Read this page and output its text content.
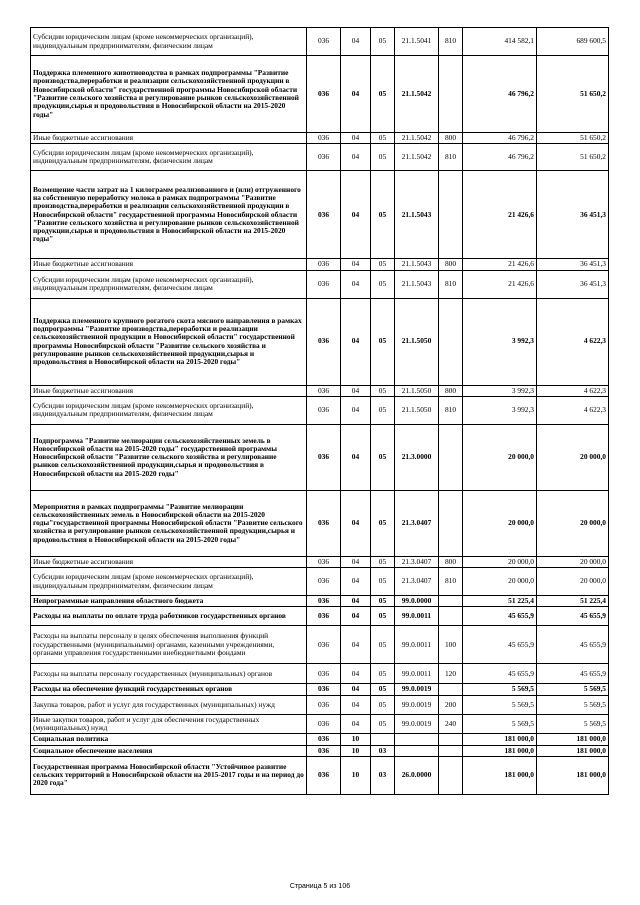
Субсидии юридическим лицам (кроме некоммерческих организаций), индивидуальным предпринимателям, физическим лицам	036	04	05	21.1.5041	810	414 582,1	689 600,5
Поддержка племенного животноводства в рамках подпрограммы "Развитие производства,переработки и реализации сельскохозяйственной продукции в Новосибирской области" государственной программы Новосибирской области "Развитие сельского хозяйства и регулирование рынков сельскохозяйственной продукции,сырья и продовольствия в Новосибирской области на 2015-2020 годы"	036	04	05	21.1.5042		46 796,2	51 650,2
Иные бюджетные ассигнования	036	04	05	21.1.5042	800	46 796,2	51 650,2
Субсидии юридическим лицам (кроме некоммерческих организаций), индивидуальным предпринимателям, физическим лицам	036	04	05	21.1.5042	810	46 796,2	51 650,2
Возмещение части затрат на 1 килограмм реализованного и (или) отгруженного на собственную переработку молока в рамках подпрограммы "Развитие производства,переработки и реализации сельскохозяйственной продукции в Новосибирской области" государственной программы Новосибирской области "Развитие сельского хозяйства и регулирование рынков сельскохозяйственной продукции,сырья и продовольствия в Новосибирской области на 2015-2020 годы"	036	04	05	21.1.5043		21 426,6	36 451,3
Иные бюджетные ассигнования	036	04	05	21.1.5043	800	21 426,6	36 451,3
Субсидии юридическим лицам (кроме некоммерческих организаций), индивидуальным предпринимателям, физическим лицам	036	04	05	21.1.5043	810	21 426,6	36 451,3
Поддержка племенного крупного рогатого скота мясного направления в рамках подпрограммы "Развитие производства,переработки и реализации сельскохозяйственной продукции в Новосибирской области" государственной программы Новосибирской области "Развитие сельского хозяйства и регулирование рынков сельскохозяйственной продукции,сырья и продовольствия в Новосибирской области на 2015-2020 годы"	036	04	05	21.1.5050		3 992,3	4 622,3
Иные бюджетные ассигнования	036	04	05	21.1.5050	800	3 992,3	4 622,3
Субсидии юридическим лицам (кроме некоммерческих организаций), индивидуальным предпринимателям, физическим лицам	036	04	05	21.1.5050	810	3 992,3	4 622,3
Подпрограмма "Развитие мелиорации сельскохозяйственных земель в Новосибирской области на 2015-2020 годы" государственной программы Новосибирской области "Развитие сельского хозяйства и регулирование рынков сельскохозяйственной продукции,сырья и продовольствия в Новосибирской области на 2015-2020 годы"	036	04	05	21.3.0000		20 000,0	20 000,0
Мероприятия в рамках подпрограммы "Развитие мелиорации сельскохозяйственных земель в Новосибирской области на 2015-2020 годы"государственной программы Новосибирской области "Развитие сельского хозяйства и регулирование рынков сельскохозяйственной продукции,сырья и продовольствия в Новосибирской области на 2015-2020 годы"	036	04	05	21.3.0407		20 000,0	20 000,0
Иные бюджетные ассигнования	036	04	05	21.3.0407	800	20 000,0	20 000,0
Субсидии юридическим лицам (кроме некоммерческих организаций), индивидуальным предпринимателям, физическим лицам	036	04	05	21.3.0407	810	20 000,0	20 000,0
Непрограммные направления областного бюджета	036	04	05	99.0.0000		51 225,4	51 225,4
Расходы на выплаты по оплате труда работников государственных органов	036	04	05	99.0.0011		45 655,9	45 655,9
Расходы на выплаты персоналу в целях обеспечения выполнения функций государственными (муниципальными) органами, казенными учреждениями, органами управления государственными внебюджетными фондами	036	04	05	99.0.0011	100	45 655,9	45 655,9
Расходы на выплаты персоналу государственных (муниципальных) органов	036	04	05	99.0.0011	120	45 655,9	45 655,9
Расходы на обеспечение функций государственных органов	036	04	05	99.0.0019		5 569,5	5 569,5
Закупка товаров, работ и услуг для государственных (муниципальных) нужд	036	04	05	99.0.0019	200	5 569,5	5 569,5
Иные закупки товаров, работ и услуг для обеспечения государственных (муниципальных) нужд	036	04	05	99.0.0019	240	5 569,5	5 569,5
Социальная политика	036	10				181 000,0	181 000,0
Социальное обеспечение населения	036	10	03			181 000,0	181 000,0
Государственная программа Новосибирской области "Устойчивое развитие сельских территорий в Новосибирской области на 2015-2017 годы и на период до 2020 года"	036	10	03	26.0.0000		181 000,0	181 000,0
Страница 5 из 106
